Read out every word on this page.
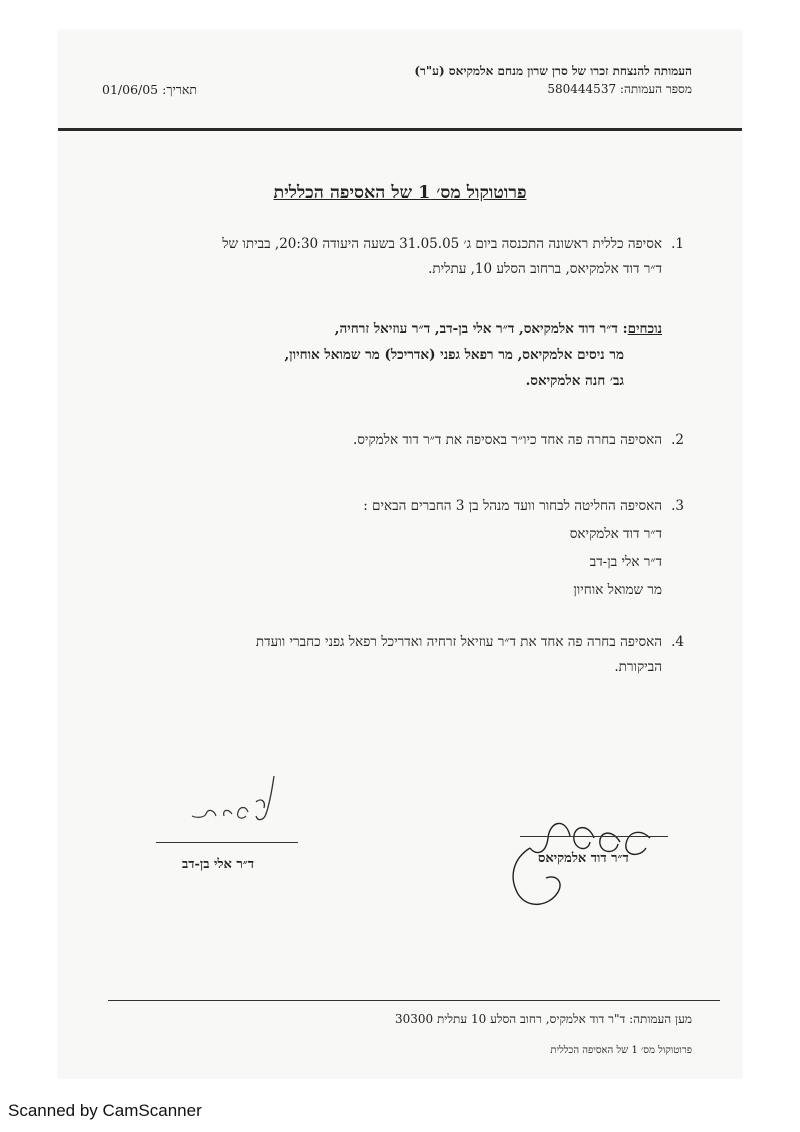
העמותה להנצחת זכרו של סרן שרון מנחם אלמקיאס (ע"ר)
מספר העמותה: 580444537
תאריך: 01/06/05
פרוטוקול מס׳ 1 של האסיפה הכללית
1.אסיפה כללית ראשונה התכנסה ביום ג׳ 31.05.05 בשעה היעודה 20:30, בביתו של
ד״ר דוד אלמקיאס, ברחוב הסלע 10, עתלית.
נוכחים: ד״ר דוד אלמקיאס, ד״ר אלי בן-דב, ד״ר עוזיאל זרחיה,
מר ניסים אלמקיאס, מר רפאל גפני (אדריכל) מר שמואל אוחיון,
גב׳ חנה אלמקיאס.
2.האסיפה בחרה פה אחד כיו״ר באסיפה את ד״ר דוד אלמקיס.
3.האסיפה החליטה לבחור וועד מנהל בן 3 החברים הבאים :
ד״ר דוד אלמקיאס
ד״ר אלי בן-דב
מר שמואל אוחיון
4.האסיפה בחרה פה אחד את ד״ר עוזיאל זרחיה ואדריכל רפאל גפני כחברי וועדת
הביקורת.
ד״ר אלי בן-דב	ד״ר דוד אלמקיאס
מען העמותה: ד"ר דוד אלמקיס, רחוב הסלע 10 עתלית 30300
פרוטוקול מס׳ 1 של האסיפה הכללית
Scanned by CamScanner
